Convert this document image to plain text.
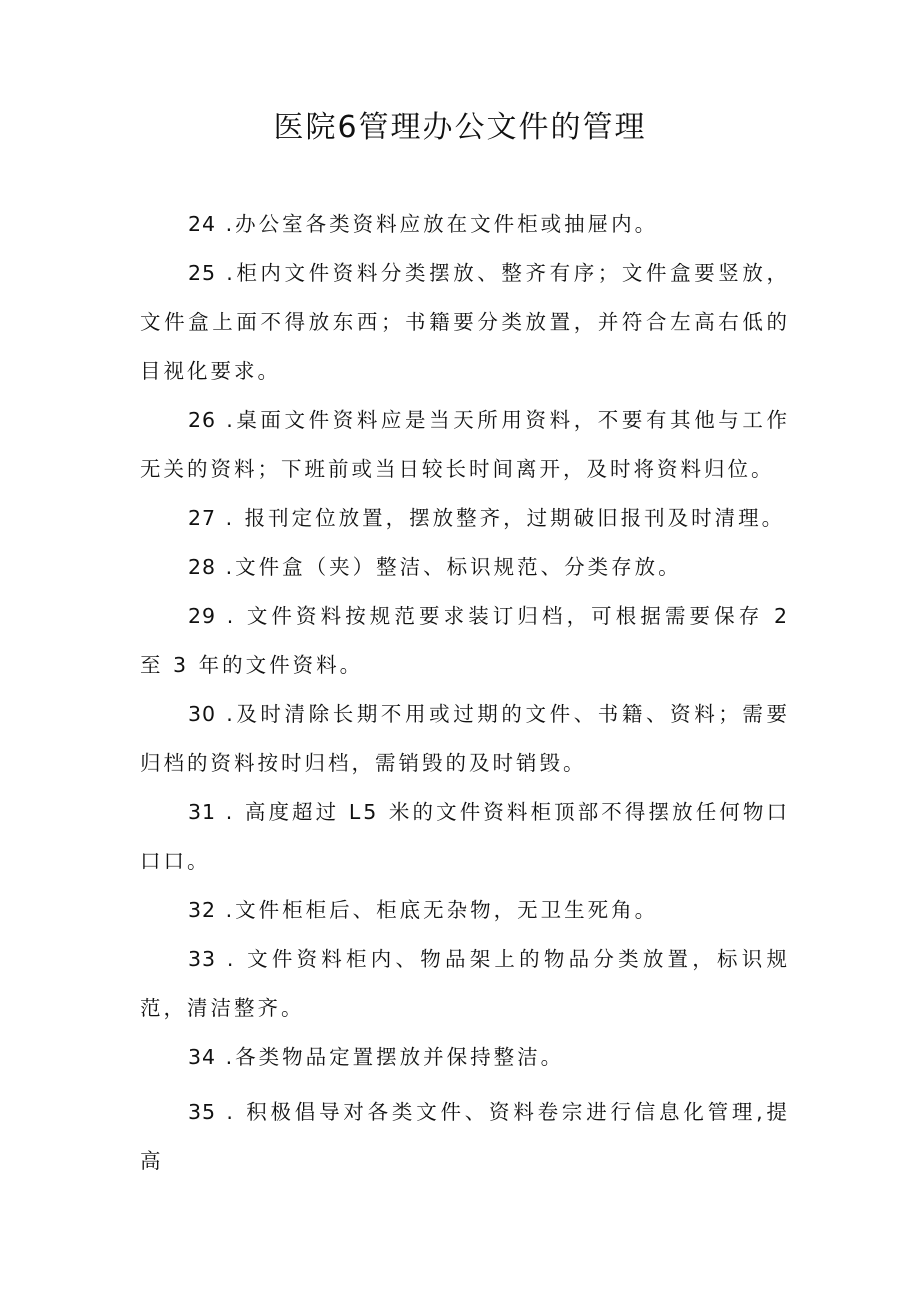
医院6管理办公文件的管理

24 .办公室各类资料应放在文件柜或抽屉内。

25 .柜内文件资料分类摆放、整齐有序；文件盒要竖放，文件盒上面不得放东西；书籍要分类放置，并符合左高右低的目视化要求。

26 .桌面文件资料应是当天所用资料，不要有其他与工作无关的资料；下班前或当日较长时间离开，及时将资料归位。

27 . 报刊定位放置，摆放整齐，过期破旧报刊及时清理。

28 .文件盒（夹）整洁、标识规范、分类存放。

29 . 文件资料按规范要求装订归档，可根据需要保存 2 至 3 年的文件资料。

30 .及时清除长期不用或过期的文件、书籍、资料；需要归档的资料按时归档，需销毁的及时销毁。

31 . 高度超过 L5 米的文件资料柜顶部不得摆放任何物口口口。

32 .文件柜柜后、柜底无杂物，无卫生死角。

33 . 文件资料柜内、物品架上的物品分类放置，标识规范，清洁整齐。

34 .各类物品定置摆放并保持整洁。

35 . 积极倡导对各类文件、资料卷宗进行信息化管理,提高
